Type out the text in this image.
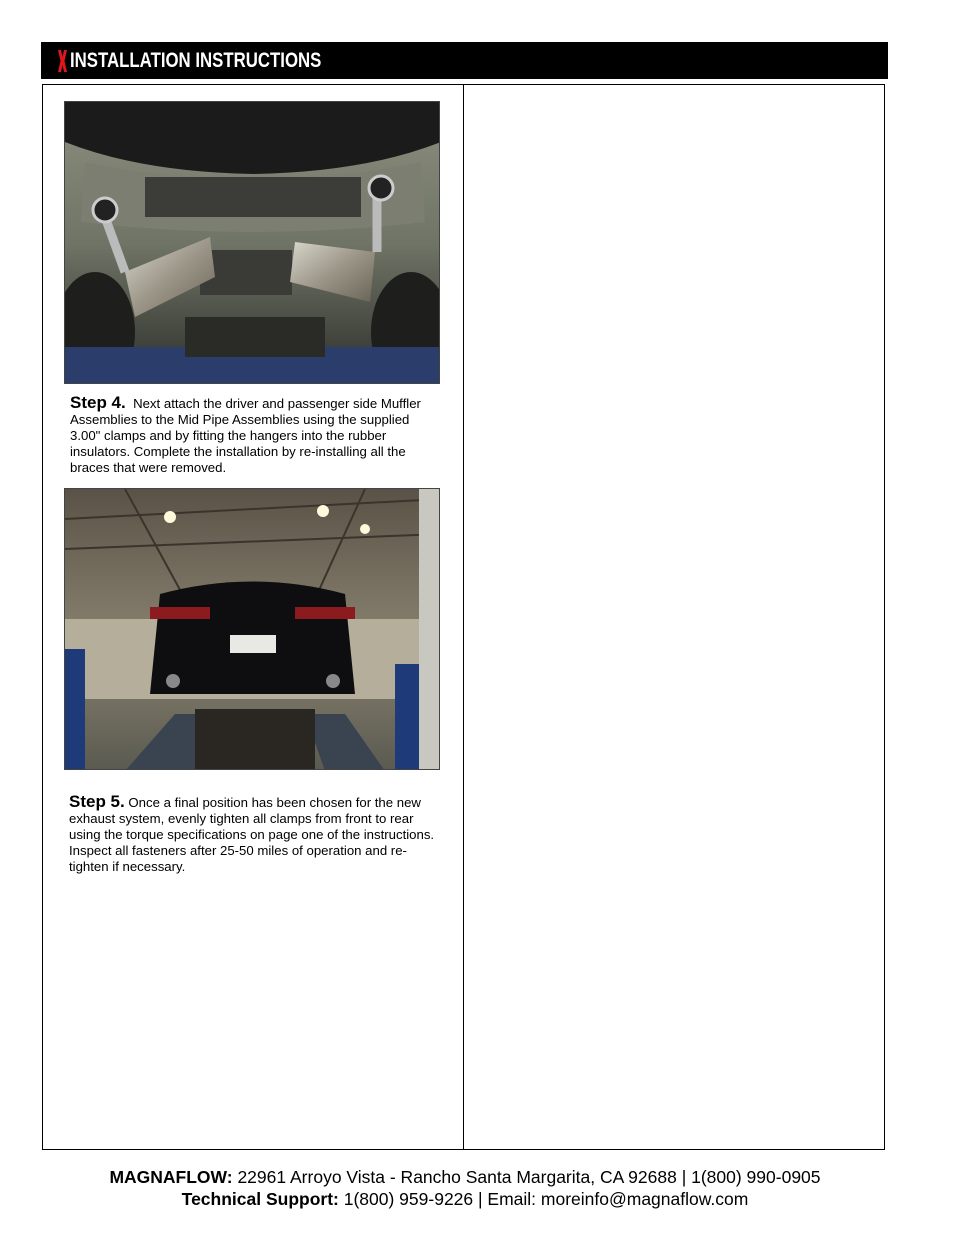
INSTALLATION INSTRUCTIONS
Step 4. Next attach the driver and passenger side Muffler Assemblies to the Mid Pipe Assemblies using the supplied 3.00" clamps and by fitting the hangers into the rubber insulators. Complete the installation by re-installing all the braces that were removed.
Step 5. Once a final position has been chosen for the new exhaust system, evenly tighten all clamps from front to rear using the torque specifications on page one of the instructions. Inspect all fasteners after 25-50 miles of operation and re-tighten if necessary.
MAGNAFLOW: 22961 Arroyo Vista - Rancho Santa Margarita, CA 92688 | 1(800) 990-0905
Technical Support: 1(800) 959-9226 | Email: moreinfo@magnaflow.com
